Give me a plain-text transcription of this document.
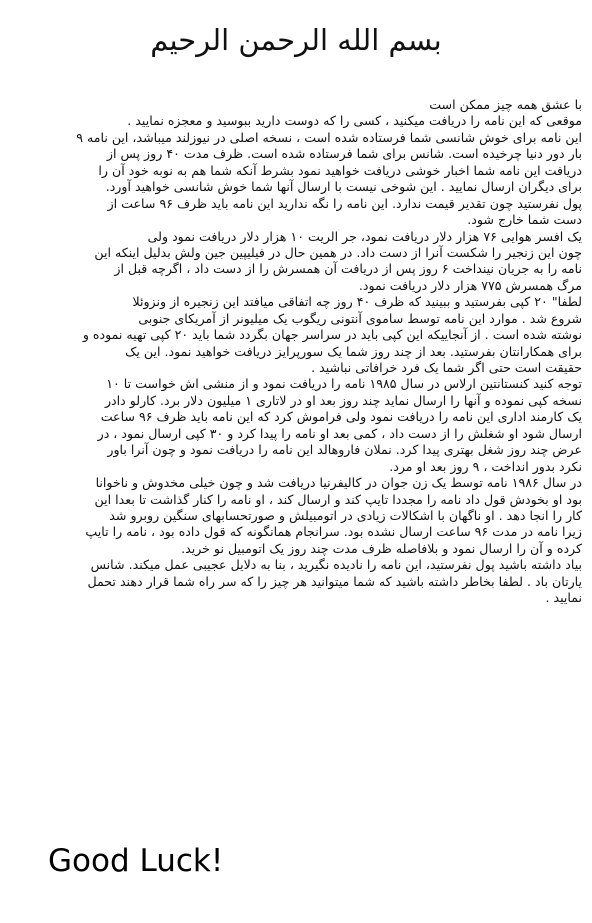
بسم الله الرحمن الرحیم
با عشق همه چیز ممکن است
موقعی که این نامه را دریافت میکنید ، کسی را که دوست دارید ببوسید و معجزه نمایید .
این نامه برای خوش شانسی شما فرستاده شده است ، نسخه اصلی در نیوزلند میباشد، این نامه ۹
بار دور دنیا چرخیده است. شانس برای شما فرستاده شده است. ظرف مدت ۴۰ روز پس از
دریافت این نامه شما اخبار خوشی دریافت خواهید نمود بشرط آنکه شما هم به نوبه خود آن را
برای دیگران ارسال نمایید . این شوخی نیست با ارسال آنها شما خوش شانسی خواهید آورد.
پول نفرستید چون تقدیر قیمت ندارد. این نامه را نگه ندارید این نامه باید ظرف ۹۶ ساعت از
دست شما خارج شود.
یک افسر هوایی ۷۶ هزار دلار دریافت نمود، جر الریت ۱۰ هزار دلار دریافت نمود ولی
چون این زنجیر را شکست آنرا از دست داد. در همین حال در فیلیپین جین ولش بدلیل اینکه این
نامه را به جریان نینداخت ۶ روز پس از دریافت آن همسرش را از دست داد ، اگرچه قبل از
مرگ همسرش ۷۷۵ هزار دلار دریافت نمود.
لطفا" ۲۰ کپی بفرستید و ببینید که ظرف ۴۰ روز چه اتفاقی میافتد این زنجیره از ونزوئلا
شروع شد . موارد این نامه توسط ساموی آنتونی ریگوب یک میلیونر از آمریکای جنوبی
نوشته شده است . از آنجاییکه این کپی باید در سراسر جهان بگردد شما باید ۲۰ کپی تهیه نموده و
برای همکارانتان بفرستید. بعد از چند روز شما یک سورپرایز دریافت خواهید نمود. این یک
حقیقت است حتی اگر شما یک فرد خرافاتی نباشید .
توجه کنید کنستانتین ارلاس در سال ۱۹۸۵ نامه را دریافت نمود و از منشی اش خواست تا ۱۰
نسخه کپی نموده و آنها را ارسال نماید چند روز بعد او در لاتاری ۱ میلیون دلار برد. کارلو دادر
یک کارمند اداری این نامه را دریافت نمود ولی فراموش کرد که این نامه باید ظرف ۹۶ ساعت
ارسال شود او شغلش را از دست داد ، کمی بعد او نامه را پیدا کرد و ۳۰ کپی ارسال نمود ، در
عرض چند روز شغل بهتری پیدا کرد. نملان فاروهالد این نامه را دریافت نمود و چون آنرا باور
نکرد بدور انداخت ، ۹ روز بعد او مرد.
در سال ۱۹۸۶ نامه توسط یک زن جوان در کالیفرنیا دریافت شد و چون خیلی مخدوش و ناخوانا
بود او بخودش قول داد نامه را مجددا تایپ کند و ارسال کند ، او نامه را کنار گذاشت تا بعدا این
کار را انجا دهد . او ناگهان با اشکالات زیادی در اتومبیلش و صورتحسابهای سنگین روبرو شد
زیرا نامه در مدت ۹۶ ساعت ارسال نشده بود. سرانجام همانگونه که قول داده بود ، نامه را تایپ
کرده و آن را ارسال نمود و بلافاصله ظرف مدت چند روز یک اتومبیل نو خرید.
بیاد داشته باشید پول نفرستید، این نامه را نادیده نگیرید ، بنا به دلایل عجیبی عمل میکند. شانس
یارتان باد . لطفا بخاطر داشته باشید که شما میتوانید هر چیز را که سر راه شما قرار دهند تحمل
نمایید .
Good Luck!
